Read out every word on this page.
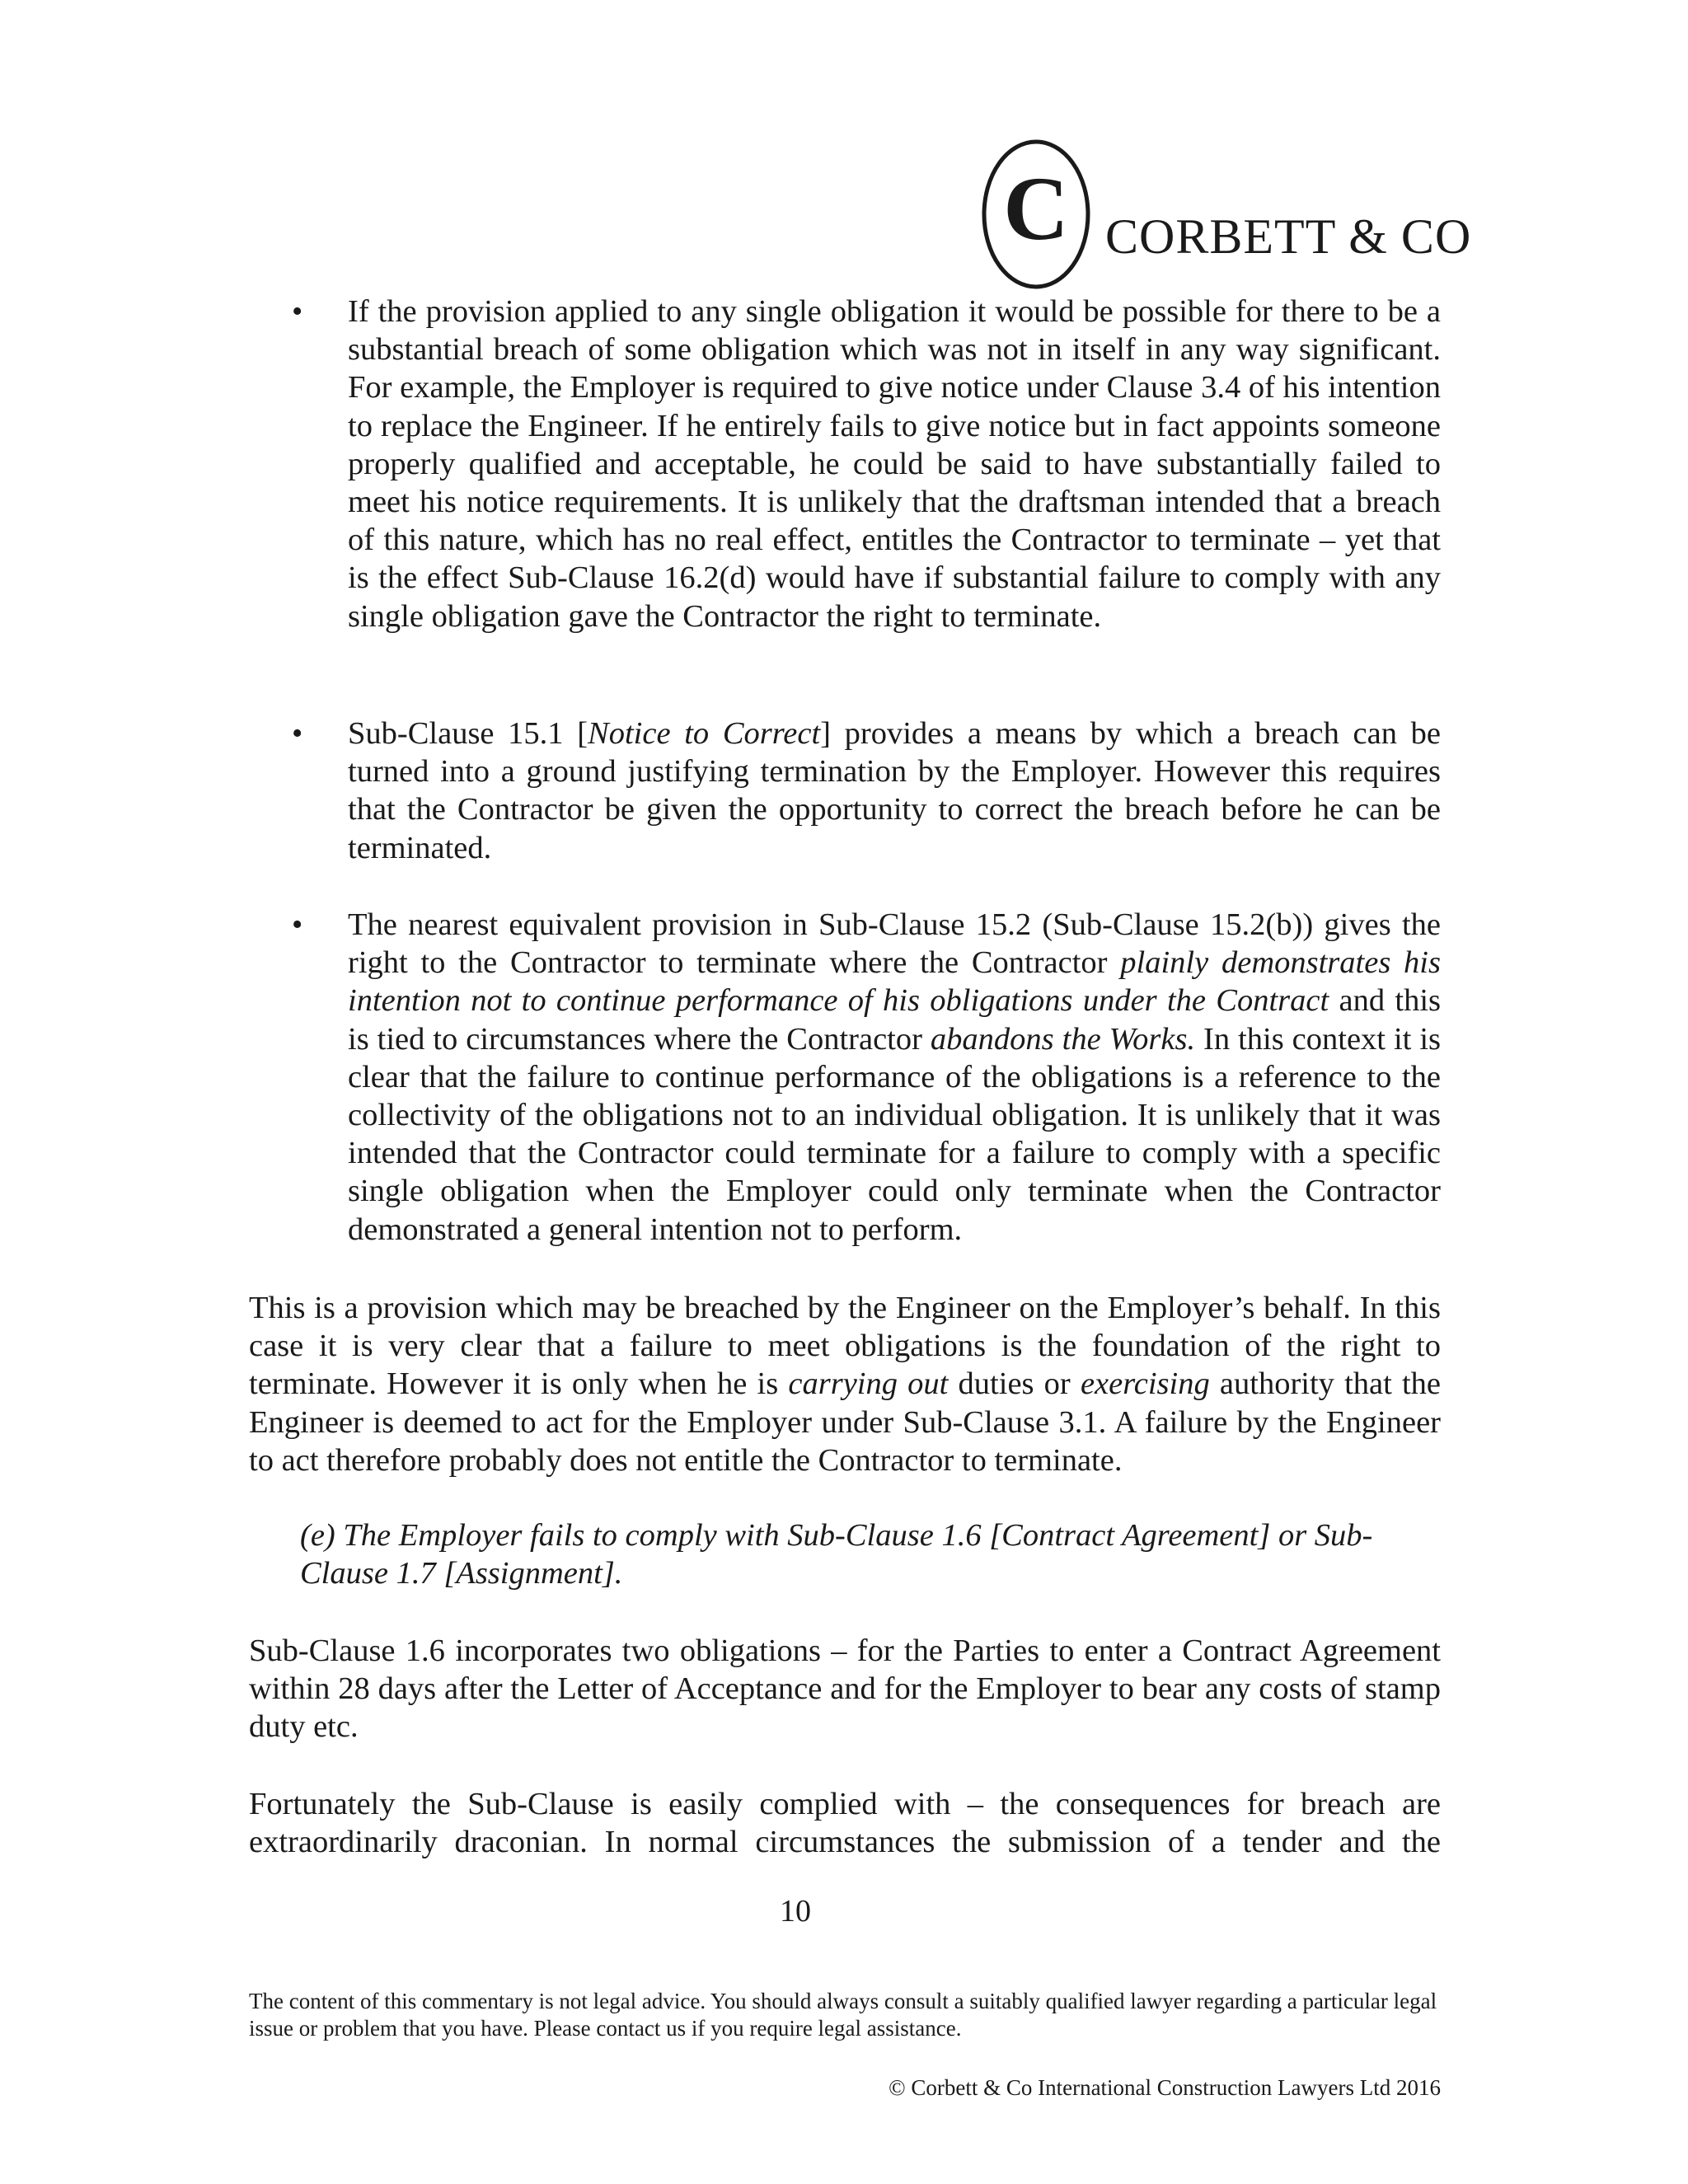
C CORBETT & CO
• If the provision applied to any single obligation it would be possible for there to be a substantial breach of some obligation which was not in itself in any way significant. For example, the Employer is required to give notice under Clause 3.4 of his intention to replace the Engineer. If he entirely fails to give notice but in fact appoints someone properly qualified and acceptable, he could be said to have substantially failed to meet his notice requirements. It is unlikely that the draftsman intended that a breach of this nature, which has no real effect, entitles the Contractor to terminate – yet that is the effect Sub-Clause 16.2(d) would have if substantial failure to comply with any single obligation gave the Contractor the right to terminate.

• Sub-Clause 15.1 [Notice to Correct] provides a means by which a breach can be turned into a ground justifying termination by the Employer. However this requires that the Contractor be given the opportunity to correct the breach before he can be terminated.

• The nearest equivalent provision in Sub-Clause 15.2 (Sub-Clause 15.2(b)) gives the right to the Contractor to terminate where the Contractor plainly demonstrates his intention not to continue performance of his obligations under the Contract and this is tied to circumstances where the Contractor abandons the Works. In this context it is clear that the failure to continue performance of the obligations is a reference to the collectivity of the obligations not to an individual obligation. It is unlikely that it was intended that the Contractor could terminate for a failure to comply with a specific single obligation when the Employer could only terminate when the Contractor demonstrated a general intention not to perform.

This is a provision which may be breached by the Engineer on the Employer’s behalf. In this case it is very clear that a failure to meet obligations is the foundation of the right to terminate. However it is only when he is carrying out duties or exercising authority that the Engineer is deemed to act for the Employer under Sub-Clause 3.1. A failure by the Engineer to act therefore probably does not entitle the Contractor to terminate.

(e) The Employer fails to comply with Sub-Clause 1.6 [Contract Agreement] or Sub-Clause 1.7 [Assignment].

Sub-Clause 1.6 incorporates two obligations – for the Parties to enter a Contract Agreement within 28 days after the Letter of Acceptance and for the Employer to bear any costs of stamp duty etc.

Fortunately the Sub-Clause is easily complied with – the consequences for breach are extraordinarily draconian. In normal circumstances the submission of a tender and the

10
The content of this commentary is not legal advice. You should always consult a suitably qualified lawyer regarding a particular legal issue or problem that you have. Please contact us if you require legal assistance.
© Corbett & Co International Construction Lawyers Ltd 2016
